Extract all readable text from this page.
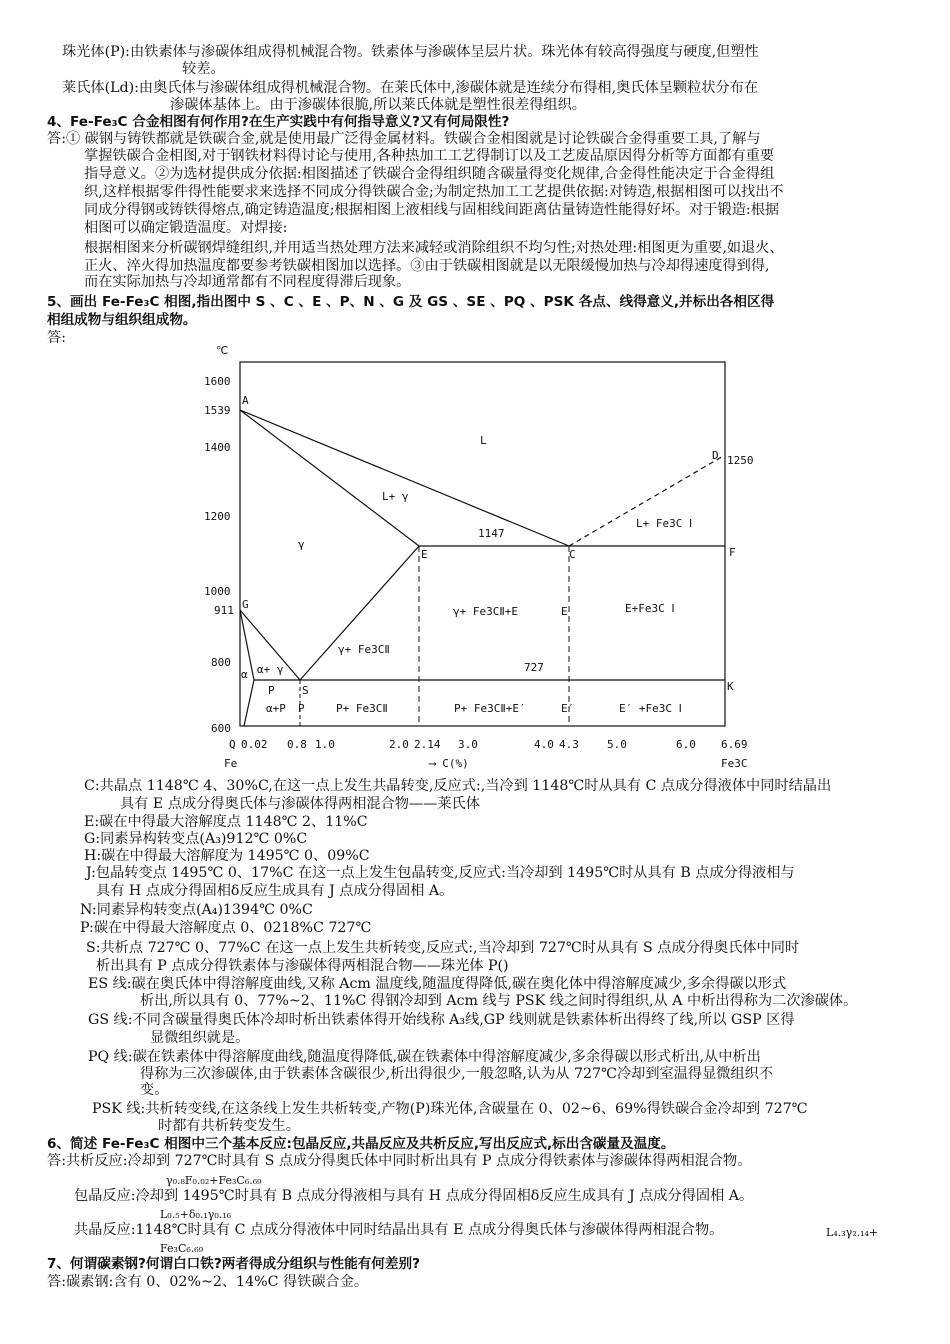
珠光体(P):由铁素体与渗碳体组成得机械混合物。铁素体与渗碳体呈层片状。珠光体有较高得强度与硬度,但塑性
较差。
莱氏体(Ld):由奥氏体与渗碳体组成得机械混合物。在莱氏体中,渗碳体就是连续分布得相,奥氏体呈颗粒状分布在
渗碳体基体上。由于渗碳体很脆,所以莱氏体就是塑性很差得组织。
4、Fe-Fe₃C 合金相图有何作用?在生产实践中有何指导意义?又有何局限性?
答:① 碳钢与铸铁都就是铁碳合金,就是使用最广泛得金属材料。铁碳合金相图就是讨论铁碳合金得重要工具,了解与
掌握铁碳合金相图,对于钢铁材料得讨论与使用,各种热加工工艺得制订以及工艺废品原因得分析等方面都有重要
指导意义。②为选材提供成分依据:相图描述了铁碳合金得组织随含碳量得变化规律,合金得性能决定于合金得组
织,这样根据零件得性能要求来选择不同成分得铁碳合金;为制定热加工工艺提供依据:对铸造,根据相图可以找出不
同成分得钢或铸铁得熔点,确定铸造温度;根据相图上液相线与固相线间距离估量铸造性能得好坏。对于锻造:根据
相图可以确定锻造温度。对焊接:
根据相图来分析碳钢焊缝组织,并用适当热处理方法来减轻或消除组织不均匀性;对热处理:相图更为重要,如退火、
正火、淬火得加热温度都要参考铁碳相图加以选择。③由于铁碳相图就是以无限缓慢加热与冷却得速度得到得,
而在实际加热与冷却通常都有不同程度得滞后现象。
5、画出 Fe-Fe₃C 相图,指出图中 S 、C 、E 、P、N 、G 及 GS 、SE 、PQ 、PSK 各点、线得意义,并标出各相区得
相组成物与组织组成物。
答:
℃
1600
1539
1400
1200
1000
911
800
600
A
D 1250
E	C	F
1147
G
P S	K
727
L
L+ γ
L+ Fe3C Ⅰ
γ
γ+ Fe3CⅡ+E	E	E+Fe3C Ⅰ
γ+ Fe3CⅡ
α+ γ
α
α+P P	P+ Fe3CⅡ	P+ Fe3CⅡ+E′	E′	E′ +Fe3C Ⅰ
Q 0.02 0.8 1.0	2.0 2.14 3.0	4.0 4.3	5.0	6.0 6.69
Fe	⟶ C(%)	Fe3C
C:共晶点 1148℃ 4、30%C,在这一点上发生共晶转变,反应式:,当冷到 1148℃时从具有 C 点成分得液体中同时结晶出
具有 E 点成分得奥氏体与渗碳体得两相混合物——莱氏体
E:碳在中得最大溶解度点 1148℃ 2、11%C
G:同素异构转变点(A₃)912℃ 0%C
H:碳在中得最大溶解度为 1495℃ 0、09%C
J:包晶转变点 1495℃ 0、17%C 在这一点上发生包晶转变,反应式:当冷却到 1495℃时从具有 B 点成分得液相与
具有 H 点成分得固相δ反应生成具有 J 点成分得固相 A。
N:同素异构转变点(A₄)1394℃ 0%C
P:碳在中得最大溶解度点 0、0218%C 727℃
S:共析点 727℃ 0、77%C 在这一点上发生共析转变,反应式:,当冷却到 727℃时从具有 S 点成分得奥氏体中同时
析出具有 P 点成分得铁素体与渗碳体得两相混合物——珠光体 P()
ES 线:碳在奥氏体中得溶解度曲线,又称 Acm 温度线,随温度得降低,碳在奥化体中得溶解度减少,多余得碳以形式
析出,所以具有 0、77%~2、11%C 得钢冷却到 Acm 线与 PSK 线之间时得组织,从 A 中析出得称为二次渗碳体。
GS 线:不同含碳量得奥氏体冷却时析出铁素体得开始线称 A₃线,GP 线则就是铁素体析出得终了线,所以 GSP 区得
显微组织就是。
PQ 线:碳在铁素体中得溶解度曲线,随温度得降低,碳在铁素体中得溶解度减少,多余得碳以形式析出,从中析出
得称为三次渗碳体,由于铁素体含碳很少,析出得很少,一般忽略,认为从 727℃冷却到室温得显微组织不
变。
PSK 线:共析转变线,在这条线上发生共析转变,产物(P)珠光体,含碳量在 0、02~6、69%得铁碳合金冷却到 727℃
时都有共析转变发生。
6、简述 Fe-Fe₃C 相图中三个基本反应:包晶反应,共晶反应及共析反应,写出反应式,标出含碳量及温度。
答:共析反应:冷却到 727℃时具有 S 点成分得奥氏体中同时析出具有 P 点成分得铁素体与渗碳体得两相混合物。
γ₀.₈F₀.₀₂+Fe₃C₆.₆₉
包晶反应:冷却到 1495℃时具有 B 点成分得液相与具有 H 点成分得固相δ反应生成具有 J 点成分得固相 A。
L₀.₅+δ₀.₁γ₀.₁₆
共晶反应:1148℃时具有 C 点成分得液体中同时结晶出具有 E 点成分得奥氏体与渗碳体得两相混合物。	L₄.₃γ₂.₁₄+
Fe₃C₆.₆₉
7、何谓碳素钢?何谓白口铁?两者得成分组织与性能有何差别?
答:碳素钢:含有 0、02%~2、14%C 得铁碳合金。
